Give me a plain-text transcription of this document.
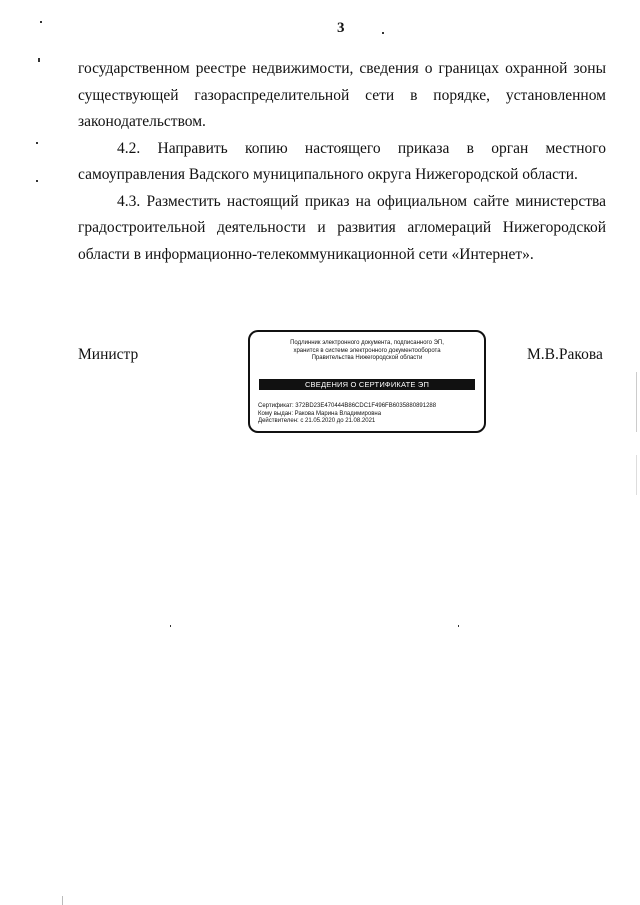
3

государственном реестре недвижимости, сведения о границах охранной зоны существующей газораспределительной сети в порядке, установленном законодательством.

4.2. Направить копию настоящего приказа в орган местного самоуправления Вадского муниципального округа Нижегородской области.

4.3. Разместить настоящий приказ на официальном сайте министерства градостроительной деятельности и развития агломераций Нижегородской области в информационно-телекоммуникационной сети «Интернет».

Министр
Подлинник электронного документа, подписанного ЭП,
хранится в системе электронного документооборота
Правительства Нижегородской области
СВЕДЕНИЯ О СЕРТИФИКАТЕ ЭП
Сертификат: 372BD23E470444B86CDC1F496FB6035880891288
Кому выдан: Ракова Марина Владимировна
Действителен: с 21.05.2020 до 21.08.2021
М.В.Ракова
